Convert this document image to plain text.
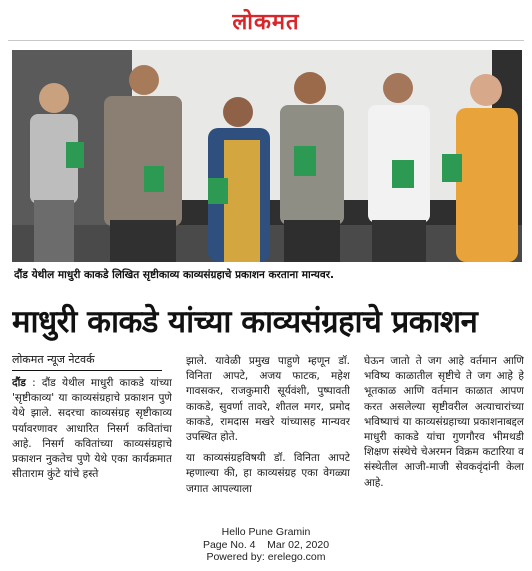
लोकमत
दौंड येथील माधुरी काकडे लिखित सृष्टीकाव्य काव्यसंग्रहाचे प्रकाशन करताना मान्यवर.
माधुरी काकडे यांच्या काव्यसंग्रहाचे प्रकाशन
लोकमत न्यूज नेटवर्क

दौंड : दौंड येथील माधुरी काकडे यांच्या 'सृष्टीकाव्य' या काव्यसंग्रहाचे प्रकाशन पुणे येथे झाले. सदरचा काव्यसंग्रह सृष्टीकाव्य पर्यावरणावर आधारित निसर्ग कवितांचा आहे. निसर्ग कवितांच्या काव्यसंग्रहाचे प्रकाशन नुकतेच पुणे येथे एका कार्यक्रमात सीताराम कुंटे यांचे हस्ते

झाले. यावेळी प्रमुख पाहुणे म्हणून डॉ. विनिता आपटे, अजय फाटक, महेश गावसकर, राजकुमारी सूर्यवंशी, पुष्पावती काकडे, सुवर्णा तावरे, शीतल मगर, प्रमोद काकडे, रामदास मखरे यांच्यासह मान्यवर उपस्थित होते.

या काव्यसंग्रहविषयी डॉ. विनिता आपटे म्हणाल्या की, हा काव्यसंग्रह एका वेगळ्या जगात आपल्याला

घेऊन जातो ते जग आहे वर्तमान आणि भविष्य काळातील सृष्टीचे ते जग आहे हे भूतकाळ आणि वर्तमान काळात आपण करत असलेल्या सृष्टीवरील अत्याचारांच्या भविष्याचं या काव्यसंग्रहाच्या प्रकाशनाबद्दल माधुरी काकडे यांचा गुणगौरव भीमथडी शिक्षण संस्थेचे चेअरमन विक्रम कटारिया व संस्थेतील आजी-माजी सेवकवृंदांनी केला आहे.

Hello Pune Gramin
Page No. 4    Mar 02, 2020
Powered by: erelego.com
